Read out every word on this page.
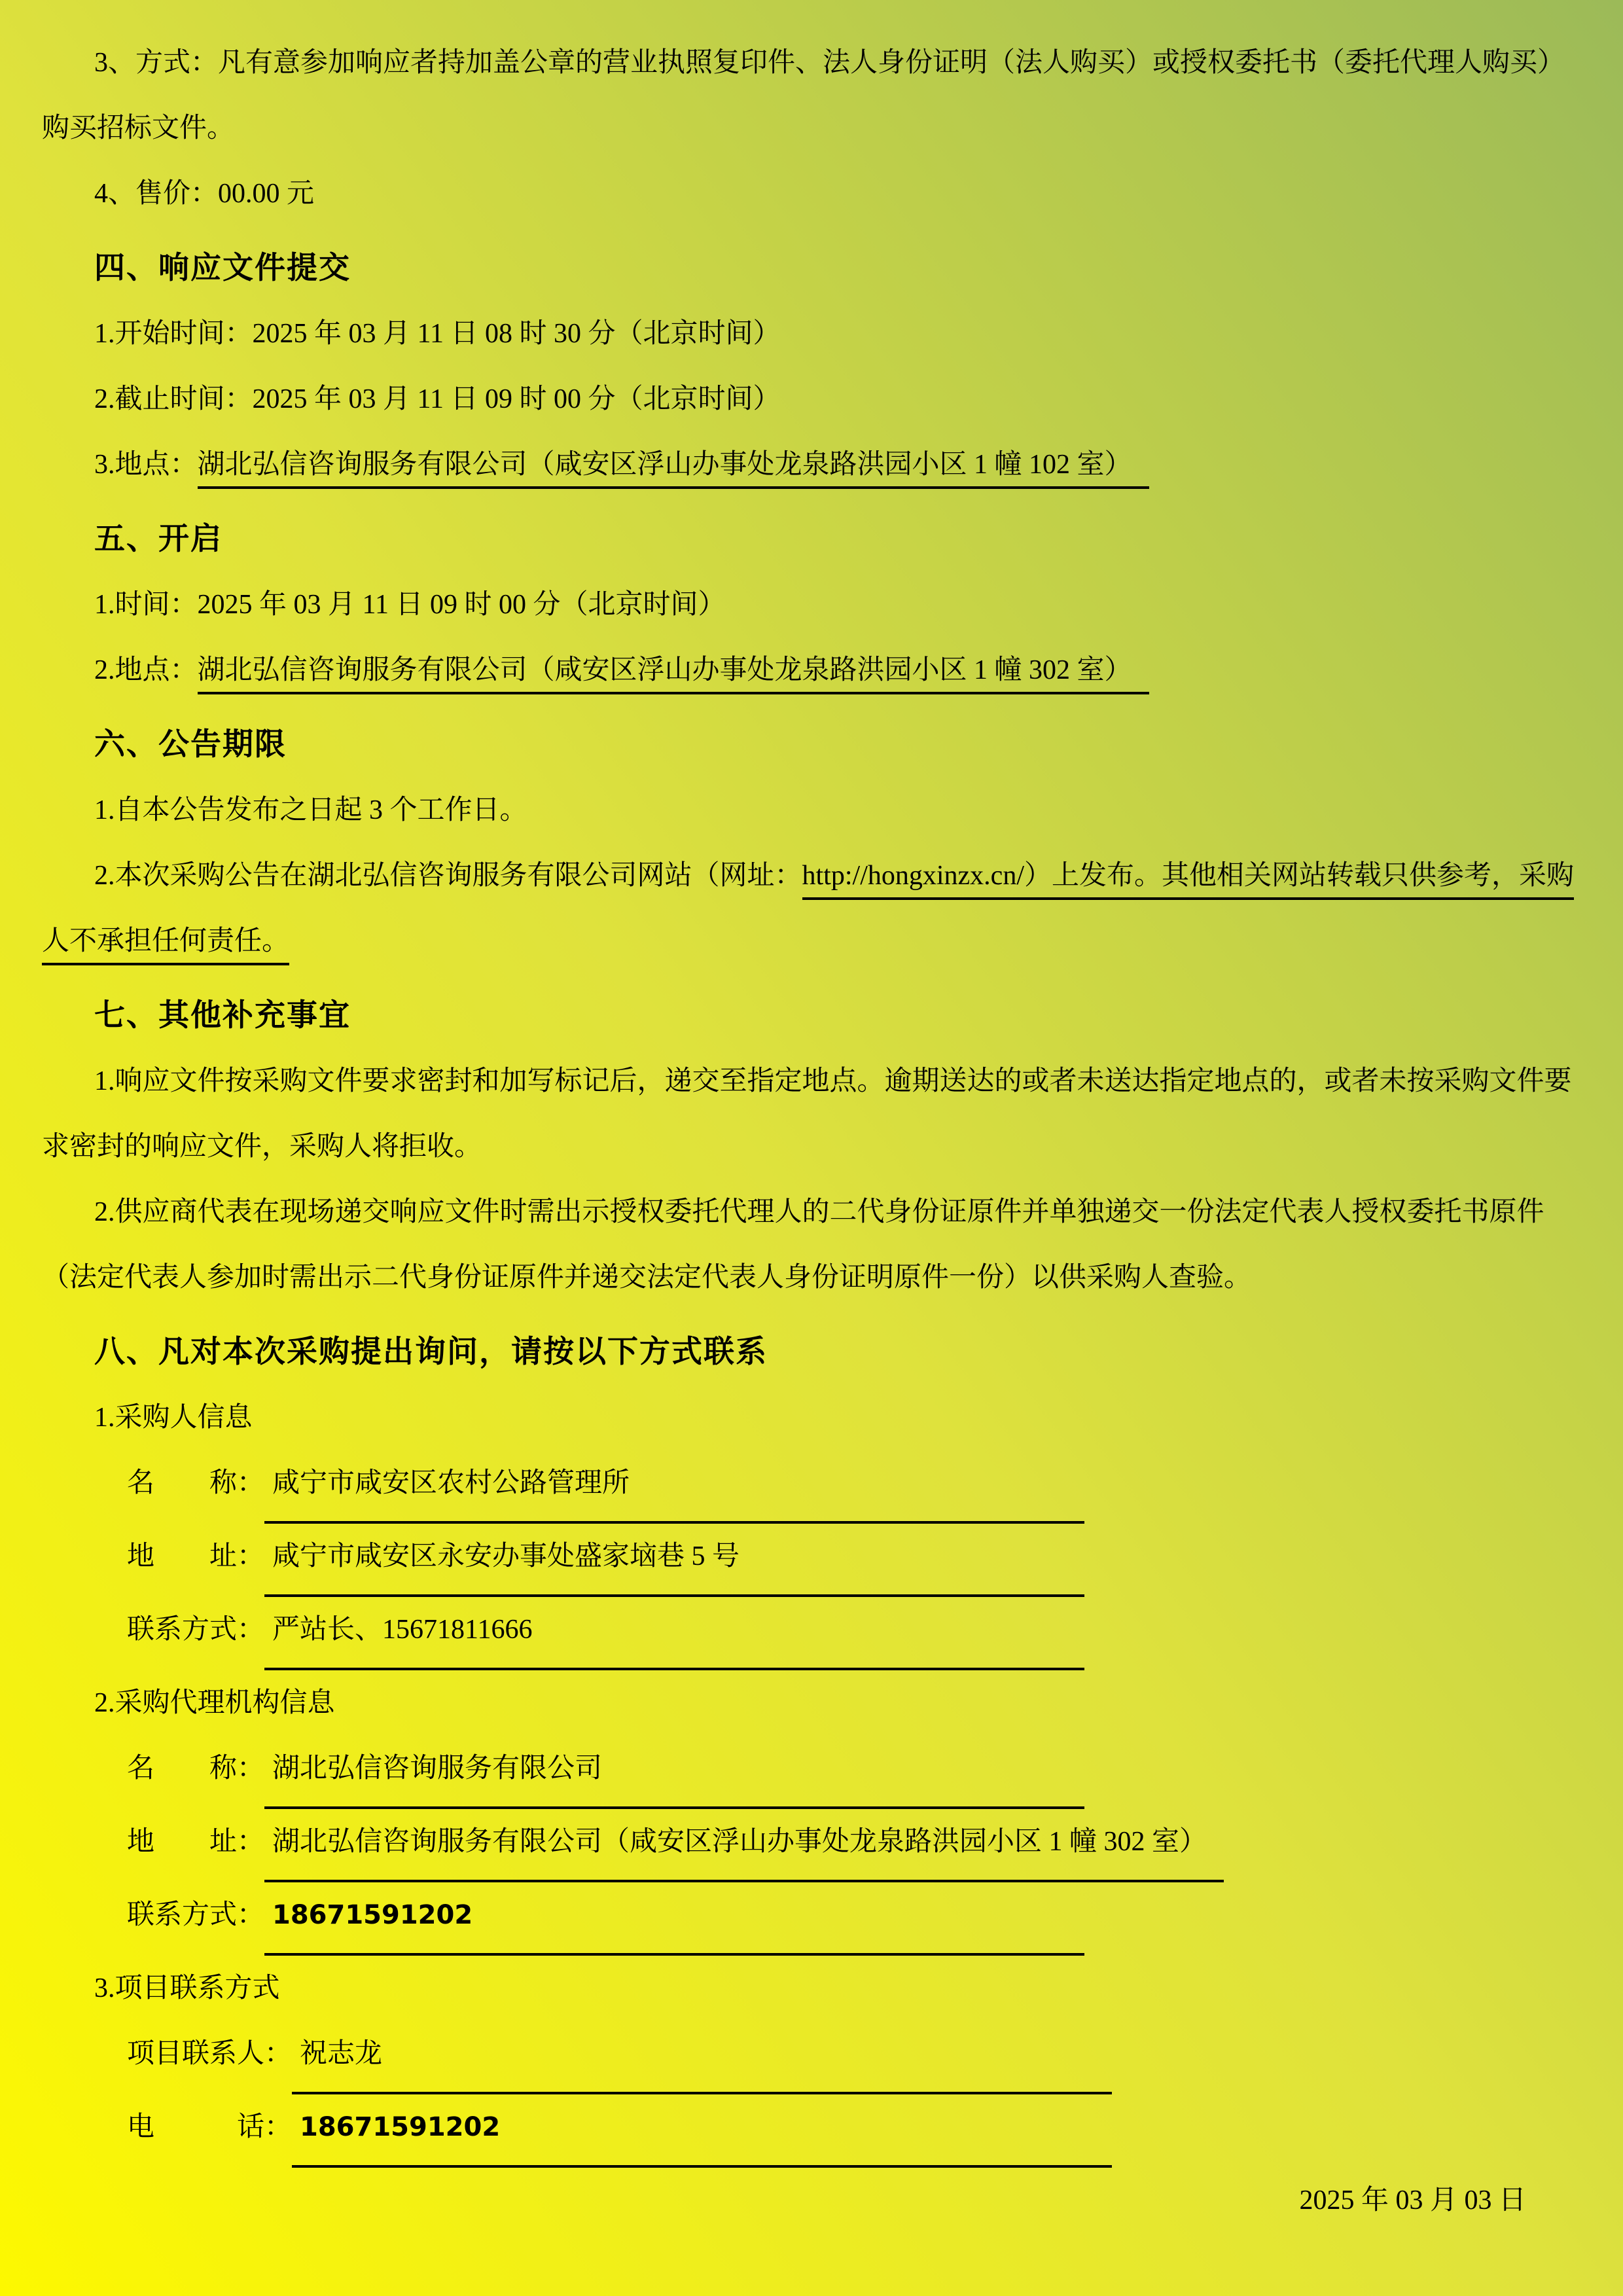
3、方式：凡有意参加响应者持加盖公章的营业执照复印件、法人身份证明（法人购买）或授权委托书（委托代理人购买）购买招标文件。

4、售价：00.00 元

四、响应文件提交

1.开始时间：2025 年 03 月 11 日 08 时 30 分（北京时间）

2.截止时间：2025 年 03 月 11 日 09 时 00 分（北京时间）

3.地点：湖北弘信咨询服务有限公司（咸安区浮山办事处龙泉路洪园小区 1 幢 102 室）

五、开启

1.时间：2025 年 03 月 11 日 09 时 00 分（北京时间）

2.地点：湖北弘信咨询服务有限公司（咸安区浮山办事处龙泉路洪园小区 1 幢 302 室）

六、公告期限

1.自本公告发布之日起 3 个工作日。

2.本次采购公告在湖北弘信咨询服务有限公司网站（网址：http://hongxinzx.cn/）上发布。其他相关网站转载只供参考，采购人不承担任何责任。

七、其他补充事宜

1.响应文件按采购文件要求密封和加写标记后，递交至指定地点。逾期送达的或者未送达指定地点的，或者未按采购文件要求密封的响应文件，采购人将拒收。

2.供应商代表在现场递交响应文件时需出示授权委托代理人的二代身份证原件并单独递交一份法定代表人授权委托书原件（法定代表人参加时需出示二代身份证原件并递交法定代表人身份证明原件一份）以供采购人查验。

八、凡对本次采购提出询问，请按以下方式联系

1.采购人信息

名　　称： 咸宁市咸安区农村公路管理所
地　　址： 咸宁市咸安区永安办事处盛家垴巷 5 号
联系方式： 严站长、15671811666

2.采购代理机构信息

名　　称： 湖北弘信咨询服务有限公司
地　　址： 湖北弘信咨询服务有限公司（咸安区浮山办事处龙泉路洪园小区 1 幢 302 室）
联系方式： 18671591202

3.项目联系方式

项目联系人： 祝志龙
电　　　话： 18671591202

2025 年 03 月 03 日
